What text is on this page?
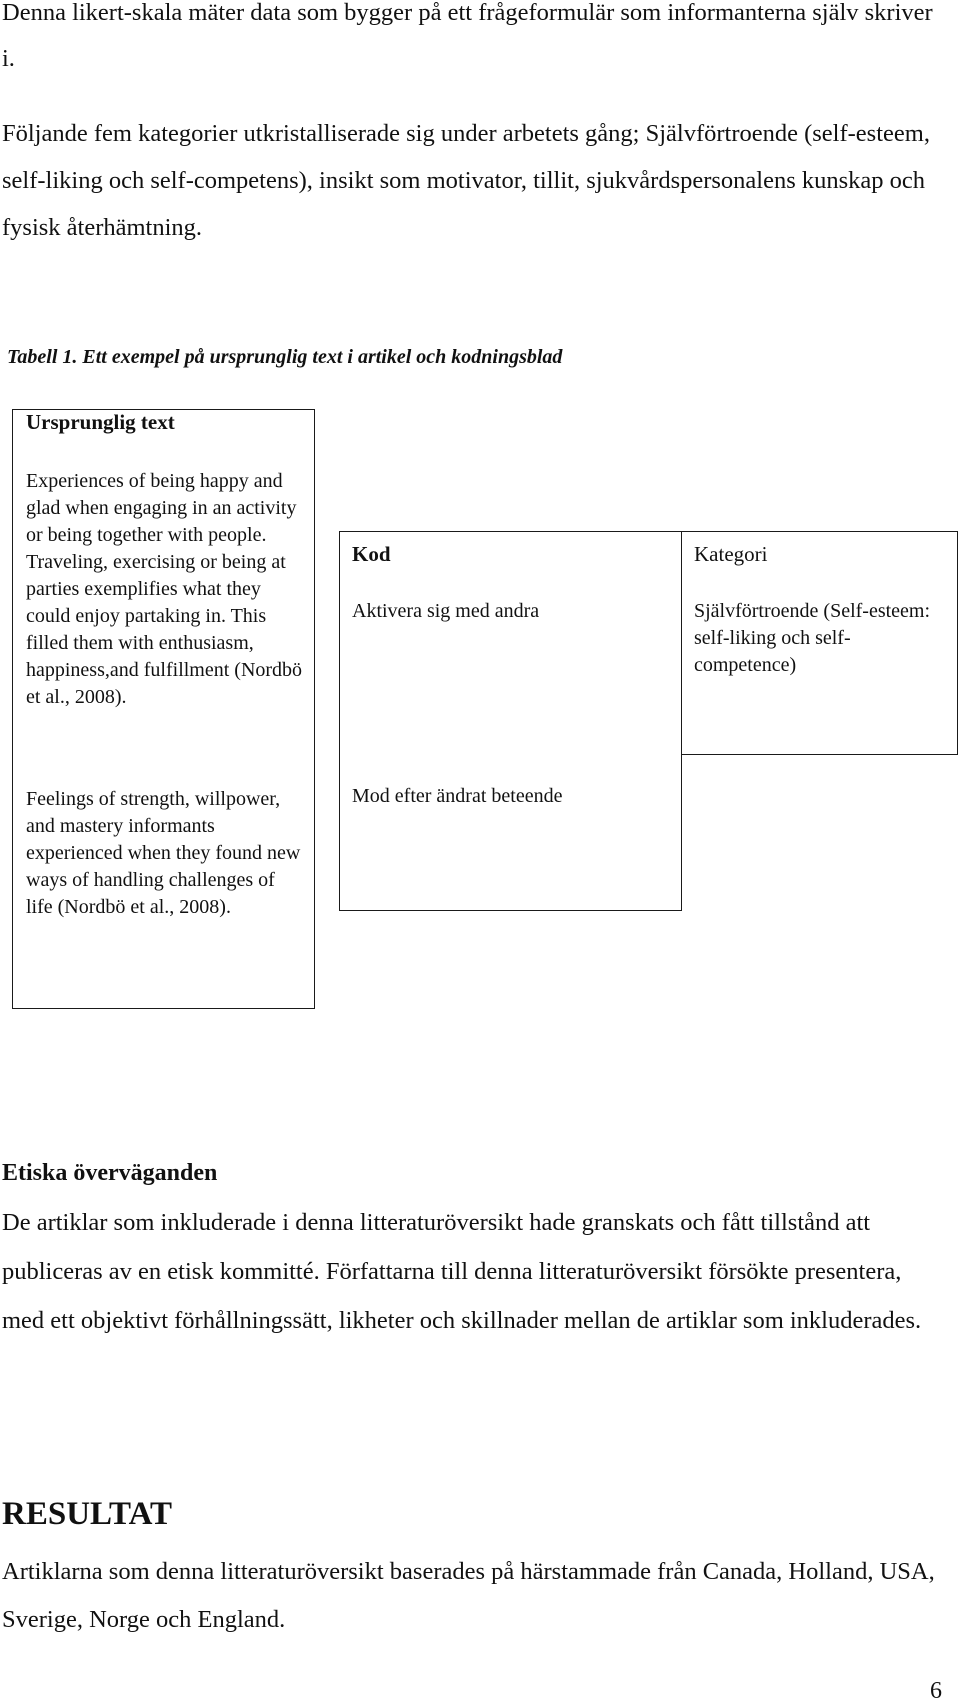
Denna likert-skala mäter data som bygger på ett frågeformulär som informanterna själv skriver i.

Följande fem kategorier utkristalliserade sig under arbetets gång; Självförtroende (self-esteem, self-liking och self-competens), insikt som motivator, tillit, sjukvårdspersonalens kunskap och fysisk återhämtning.

Tabell 1. Ett exempel på ursprunglig text i artikel och kodningsblad

Ursprunglig text

Experiences of being happy and glad when engaging in an activity or being together with people. Traveling, exercising or being at parties exemplifies what they could enjoy partaking in. This filled them with enthusiasm, happiness,and fulfillment (Nordbö et al., 2008).

Feelings of strength, willpower, and mastery informants experienced when they found new ways of handling challenges of life (Nordbö et al., 2008).

Kod

Aktivera sig med andra

Mod efter ändrat beteende

Kategori

Självförtroende (Self-esteem: self-liking och self-competence)

Etiska överväganden

De artiklar som inkluderade i denna litteraturöversikt hade granskats och fått tillstånd att publiceras av en etisk kommitté. Författarna till denna litteraturöversikt försökte presentera, med ett objektivt förhållningssätt, likheter och skillnader mellan de artiklar som inkluderades.

RESULTAT

Artiklarna som denna litteraturöversikt baserades på härstammade från Canada, Holland, USA, Sverige, Norge och England.

6
